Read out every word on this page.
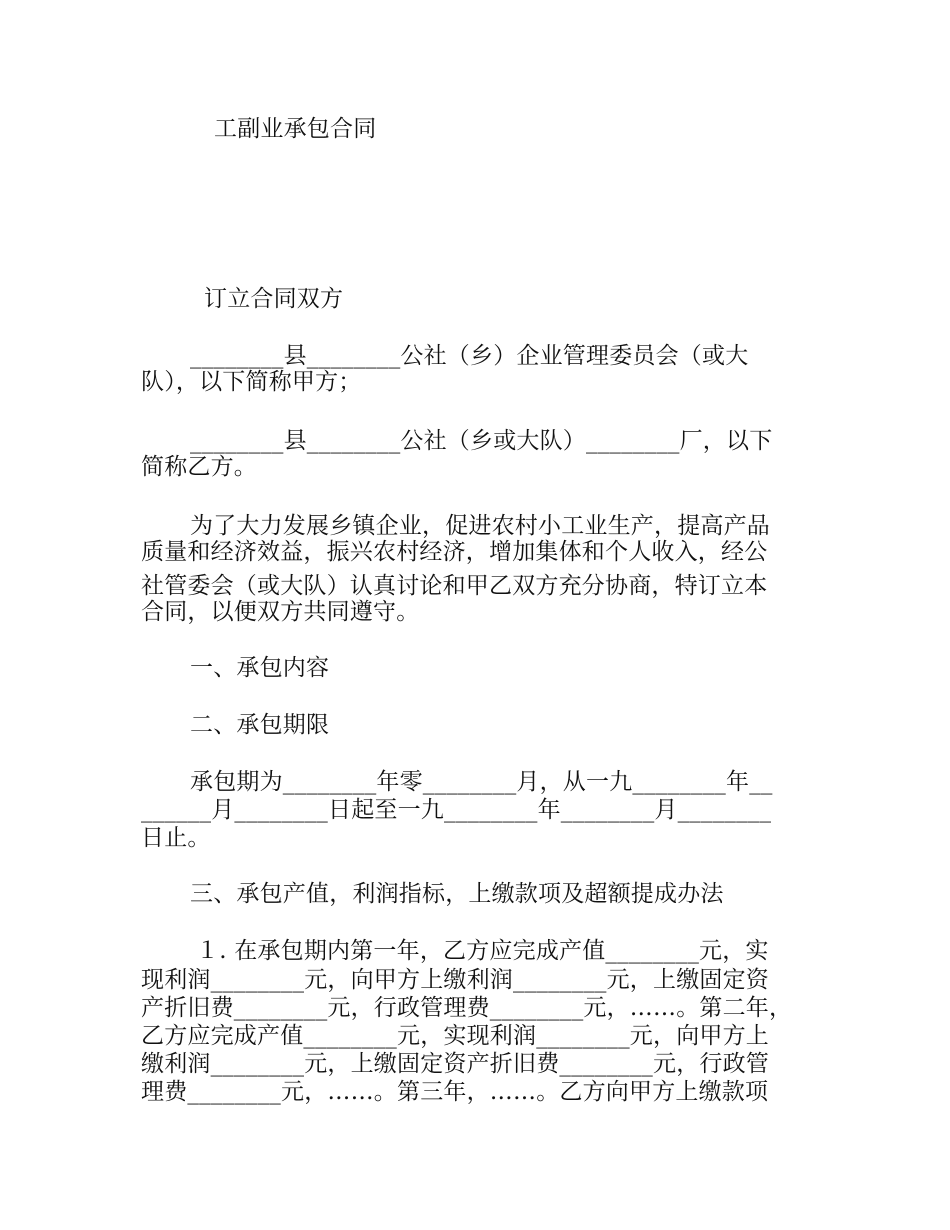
工副业承包合同
订立合同双方
________县________公社（乡）企业管理委员会（或大
队），以下简称甲方；
________县________公社（乡或大队）________厂，以下
简称乙方。
为了大力发展乡镇企业，促进农村小工业生产，提高产品
质量和经济效益，振兴农村经济，增加集体和个人收入，经公
社管委会（或大队）认真讨论和甲乙双方充分协商，特订立本
合同，以便双方共同遵守。
一、承包内容
二、承包期限
承包期为________年零________月，从一九________年__
______月________日起至一九________年________月________
日止。
三、承包产值，利润指标，上缴款项及超额提成办法
１. 在承包期内第一年，乙方应完成产值________元，实
现利润________元，向甲方上缴利润________元，上缴固定资
产折旧费________元，行政管理费________元，……。第二年，
乙方应完成产值________元，实现利润________元，向甲方上
缴利润________元，上缴固定资产折旧费________元，行政管
理费________元，……。第三年，……。乙方向甲方上缴款项
